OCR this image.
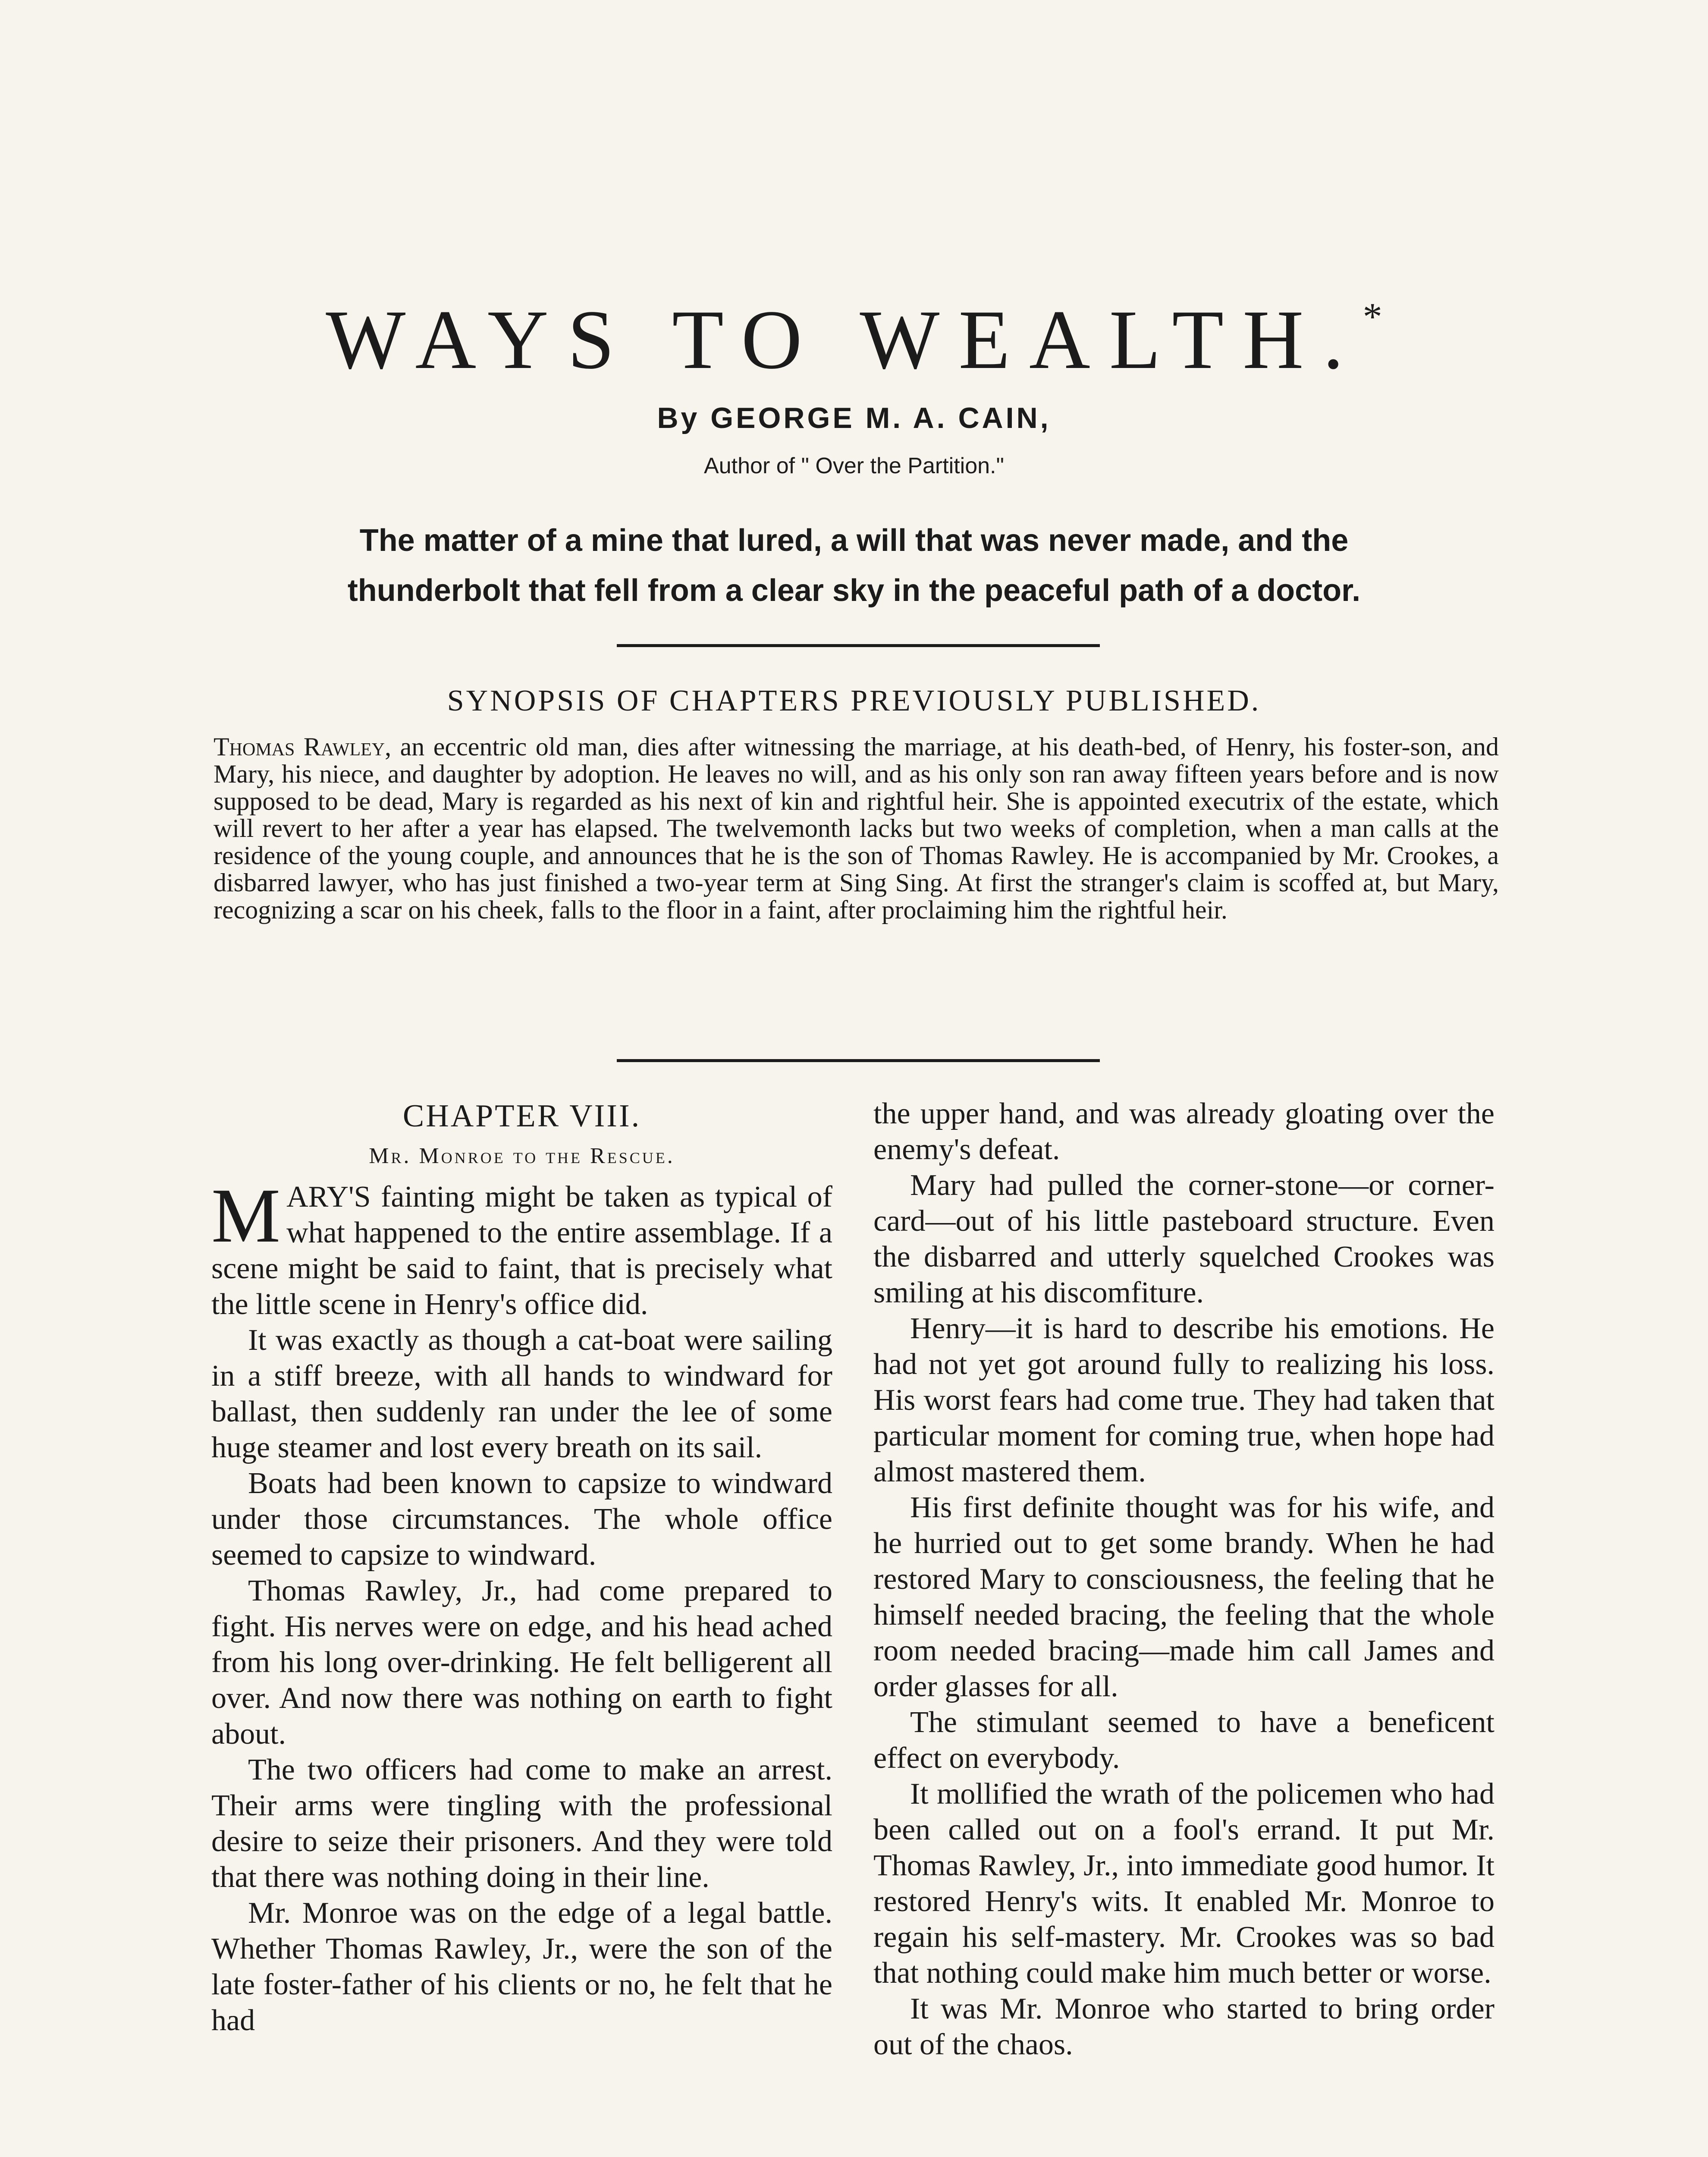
WAYS TO WEALTH.*
By GEORGE M. A. CAIN,
Author of " Over the Partition."
The matter of a mine that lured, a will that was never made, and the thunderbolt that fell from a clear sky in the peaceful path of a doctor.
SYNOPSIS OF CHAPTERS PREVIOUSLY PUBLISHED.
Thomas Rawley, an eccentric old man, dies after witnessing the marriage, at his death-bed, of Henry, his foster-son, and Mary, his niece, and daughter by adoption. He leaves no will, and as his only son ran away fifteen years before and is now supposed to be dead, Mary is regarded as his next of kin and rightful heir. She is appointed executrix of the estate, which will revert to her after a year has elapsed. The twelvemonth lacks but two weeks of completion, when a man calls at the residence of the young couple, and announces that he is the son of Thomas Rawley. He is accompanied by Mr. Crookes, a disbarred lawyer, who has just finished a two-year term at Sing Sing. At first the stranger's claim is scoffed at, but Mary, recognizing a scar on his cheek, falls to the floor in a faint, after proclaiming him the rightful heir.
CHAPTER VIII.
Mr. Monroe to the Rescue.

MARY'S fainting might be taken as typical of what happened to the entire assemblage. If a scene might be said to faint, that is precisely what the little scene in Henry's office did.

It was exactly as though a cat-boat were sailing in a stiff breeze, with all hands to windward for ballast, then suddenly ran under the lee of some huge steamer and lost every breath on its sail.

Boats had been known to capsize to windward under those circumstances. The whole office seemed to capsize to windward.

Thomas Rawley, Jr., had come prepared to fight. His nerves were on edge, and his head ached from his long over-drinking. He felt belligerent all over. And now there was nothing on earth to fight about.

The two officers had come to make an arrest. Their arms were tingling with the professional desire to seize their prisoners. And they were told that there was nothing doing in their line.

Mr. Monroe was on the edge of a legal battle. Whether Thomas Rawley, Jr., were the son of the late foster-father of his clients or no, he felt that he had

the upper hand, and was already gloating over the enemy's defeat.

Mary had pulled the corner-stone—or corner-card—out of his little pasteboard structure. Even the disbarred and utterly squelched Crookes was smiling at his discomfiture.

Henry—it is hard to describe his emotions. He had not yet got around fully to realizing his loss. His worst fears had come true. They had taken that particular moment for coming true, when hope had almost mastered them.

His first definite thought was for his wife, and he hurried out to get some brandy. When he had restored Mary to consciousness, the feeling that he himself needed bracing, the feeling that the whole room needed bracing—made him call James and order glasses for all.

The stimulant seemed to have a beneficent effect on everybody.

It mollified the wrath of the policemen who had been called out on a fool's errand. It put Mr. Thomas Rawley, Jr., into immediate good humor. It restored Henry's wits. It enabled Mr. Monroe to regain his self-mastery. Mr. Crookes was so bad that nothing could make him much better or worse.

It was Mr. Monroe who started to bring order out of the chaos.
